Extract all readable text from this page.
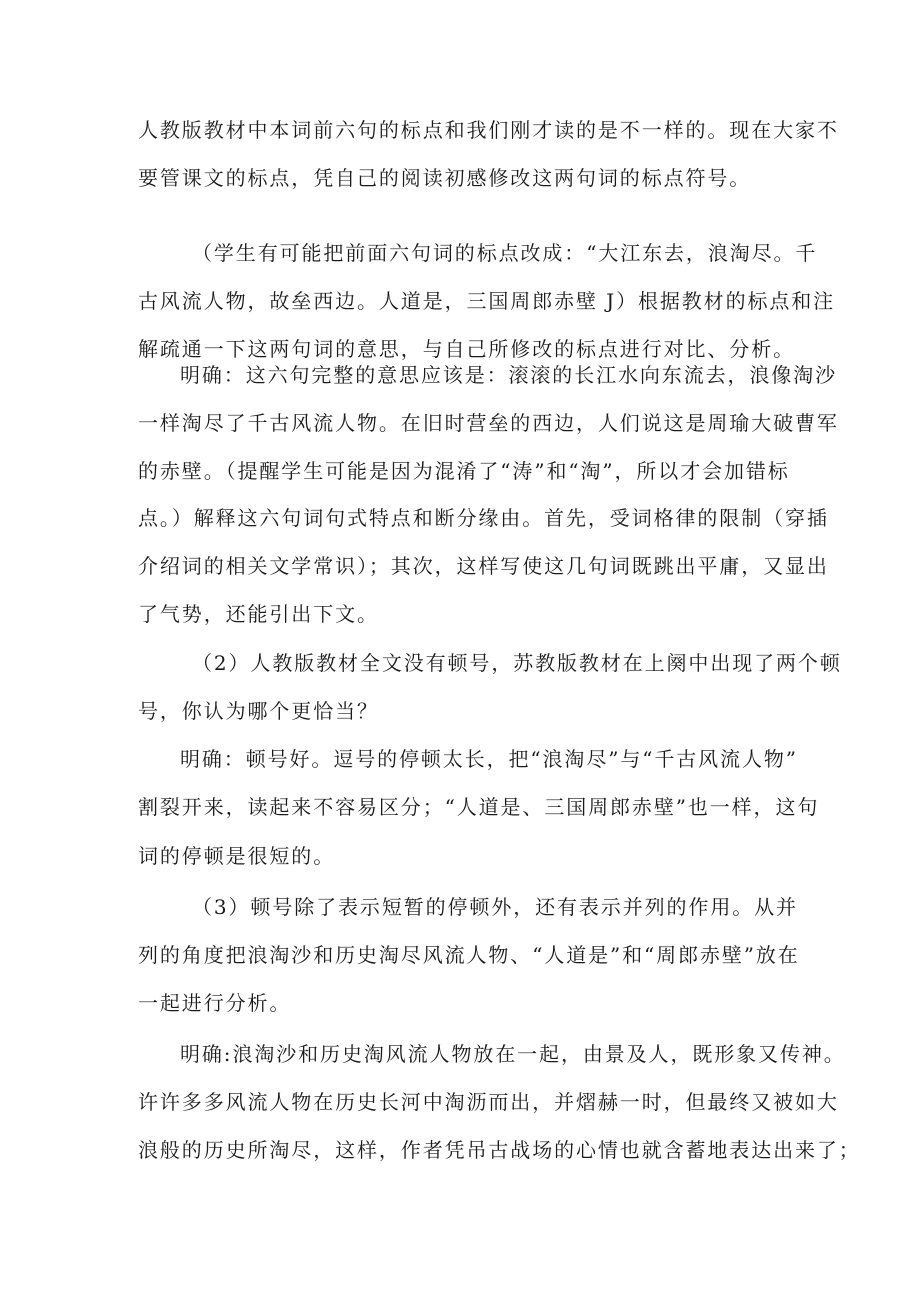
人教版教材中本词前六句的标点和我们刚才读的是不一样的。现在大家不
要管课文的标点，凭自己的阅读初感修改这两句词的标点符号。
（学生有可能把前面六句词的标点改成：“大江东去，浪淘尽。千
古风流人物，故垒西边。人道是，三国周郎赤壁 J）根据教材的标点和注
解疏通一下这两句词的意思，与自己所修改的标点进行对比、分析。
明确：这六句完整的意思应该是：滚滚的长江水向东流去，浪像淘沙
一样淘尽了千古风流人物。在旧时营垒的西边，人们说这是周瑜大破曹军
的赤壁。（提醒学生可能是因为混淆了“涛”和“淘”，所以才会加错标
点。）解释这六句词句式特点和断分缘由。首先，受词格律的限制（穿插
介绍词的相关文学常识）；其次，这样写使这几句词既跳出平庸，又显出
了气势，还能引出下文。
（2）人教版教材全文没有顿号，苏教版教材在上阕中出现了两个顿
号，你认为哪个更恰当？
明确：顿号好。逗号的停顿太长，把“浪淘尽”与“千古风流人物”
割裂开来，读起来不容易区分；“人道是、三国周郎赤壁”也一样，这句
词的停顿是很短的。
（3）顿号除了表示短暂的停顿外，还有表示并列的作用。从并
列的角度把浪淘沙和历史淘尽风流人物、“人道是”和“周郎赤壁”放在
一起进行分析。
明确:浪淘沙和历史淘风流人物放在一起，由景及人，既形象又传神。
许许多多风流人物在历史长河中淘沥而出，并熠赫一时，但最终又被如大
浪般的历史所淘尽，这样，作者凭吊古战场的心情也就含蓄地表达出来了；
